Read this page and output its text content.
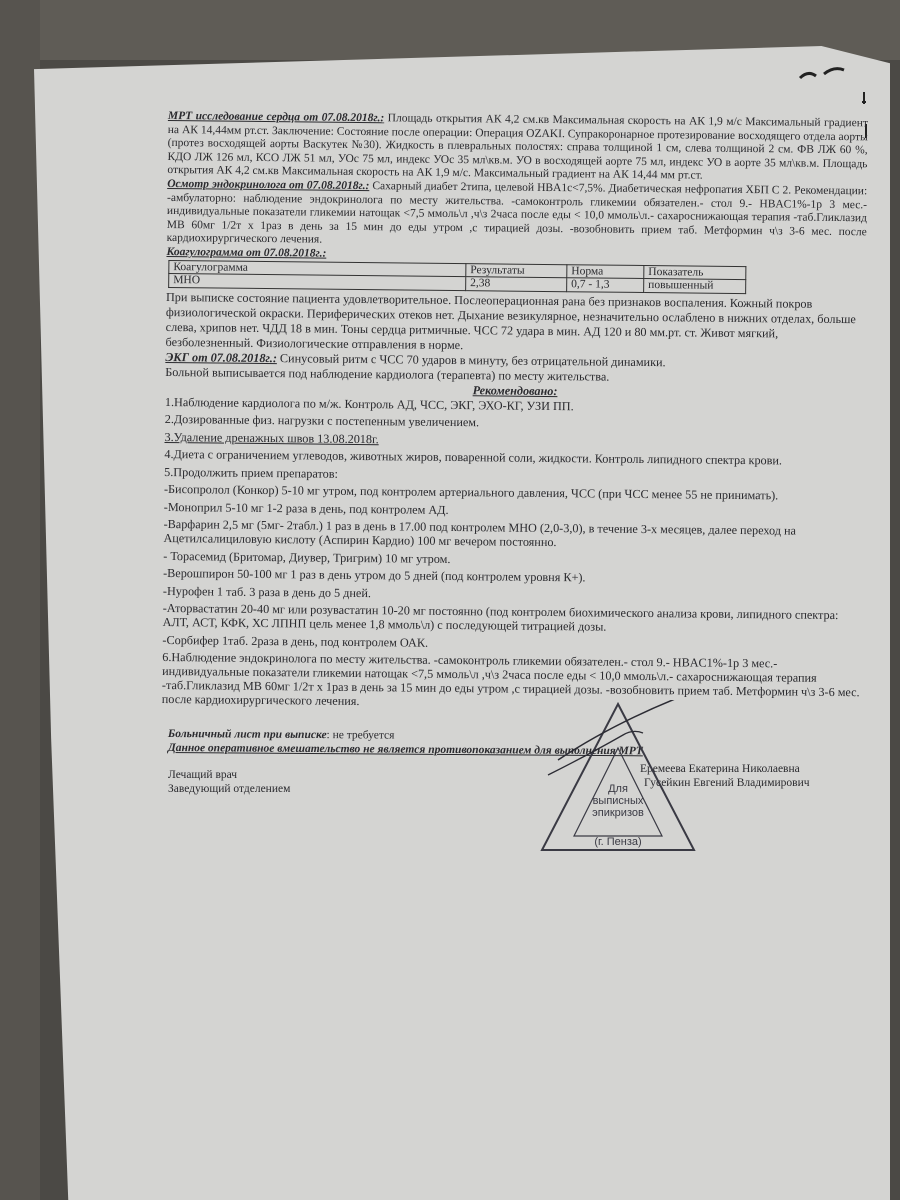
МРТ исследование сердца от 07.08.2018г.: Площадь открытия АК 4,2 см.кв Максимальная скорость на АК 1,9 м/с Максимальный градиент на АК 14,44мм рт.ст. Заключение: Состояние после операции: Операция OZAKI. Супракоронарное протезирование восходящего отдела аорты (протез восходящей аорты Васкутек №30). Жидкость в плевральных полостях: справа толщиной 1 см, слева толщиной 2 см. ФВ ЛЖ 60 %, КДО ЛЖ 126 мл, КСО ЛЖ 51 мл, УОс 75 мл, индекс УОс 35 мл\кв.м. УО в восходящей аорте 75 мл, индекс УО в аорте 35 мл\кв.м. Площадь открытия АК 4,2 см.кв Максимальная скорость на АК 1,9 м/с. Максимальный градиент на АК 14,44 мм рт.ст.

Осмотр эндокринолога от 07.08.2018г.: Сахарный диабет 2типа, целевой HBA1c<7,5%. Диабетическая нефропатия ХБП С 2. Рекомендации: -амбулаторно: наблюдение эндокринолога по месту жительства. -самоконтроль гликемии обязателен.- стол 9.- HBAC1%-1р 3 мес.-индивидуальные показатели гликемии натощак <7,5 ммоль\л ,ч\з 2часа после еды < 10,0 ммоль\л.- сахароснижающая терапия -таб.Гликлазид МВ 60мг 1/2т х 1раз в день за 15 мин до еды утром ,с тирацией дозы. -возобновить прием таб. Метформин ч\з 3-6 мес. после кардиохирургического лечения.

Коагулограмма от 07.08.2018г.:

Коагулограмма	Результаты	Норма	Показатель
МНО	2,38	0,7 - 1,3	повышенный

При выписке состояние пациента удовлетворительное. Послеоперационная рана без признаков воспаления. Кожный покров физиологической окраски. Периферических отеков нет. Дыхание везикулярное, незначительно ослаблено в нижних отделах, больше слева, хрипов нет. ЧДД 18 в мин. Тоны сердца ритмичные. ЧСС 72 удара в мин. АД 120 и 80 мм.рт. ст. Живот мягкий, безболезненный. Физиологические отправления в норме.

ЭКГ от 07.08.2018г.: Синусовый ритм с ЧСС 70 ударов в минуту, без отрицательной динамики.

Больной выписывается под наблюдение кардиолога (терапевта) по месту жительства.

Рекомендовано:

1.Наблюдение кардиолога по м/ж. Контроль АД, ЧСС, ЭКГ, ЭХО-КГ, УЗИ ПП.

2.Дозированные физ. нагрузки с постепенным увеличением.

3.Удаление дренажных швов 13.08.2018г.

4.Диета с ограничением углеводов, животных жиров, поваренной соли, жидкости. Контроль липидного спектра крови.

5.Продолжить прием препаратов:

-Бисопролол (Конкор) 5-10 мг утром, под контролем артериального давления, ЧСС (при ЧСС менее 55 не принимать).

-Моноприл 5-10 мг 1-2 раза в день, под контролем АД.

-Варфарин 2,5 мг (5мг- 2табл.) 1 раз в день в 17.00 под контролем МНО (2,0-3,0), в течение 3-х месяцев, далее переход на Ацетилсалициловую кислоту (Аспирин Кардио) 100 мг вечером постоянно.

- Торасемид (Бритомар, Диувер, Тригрим) 10 мг утром.

-Верошпирон 50-100 мг 1 раз в день утром до 5 дней (под контролем уровня К+).

-Нурофен 1 таб. 3 раза в день до 5 дней.

-Аторвастатин 20-40 мг или розувастатин 10-20 мг постоянно (под контролем биохимического анализа крови, липидного спектра: АЛТ, АСТ, КФК, ХС ЛПНП цель менее 1,8 ммоль\л) с последующей титрацией дозы.

-Сорбифер 1таб. 2раза в день, под контролем ОАК.

6.Наблюдение эндокринолога по месту жительства. -самоконтроль гликемии обязателен.- стол 9.- HBAC1%-1р 3 мес.-индивидуальные показатели гликемии натощак <7,5 ммоль\л ,ч\з 2часа после еды < 10,0 ммоль\л.- сахароснижающая терапия -таб.Гликлазид МВ 60мг 1/2т х 1раз в день за 15 мин до еды утром ,с тирацией дозы. -возобновить прием таб. Метформин ч\з 3-6 мес. после кардиохирургического лечения.

Больничный лист при выписке: не требуется

Данное оперативное вмешательство не является противопоказанием для выполнения МРТ

Лечащий врач
Заведующий отделением
Еремеева Екатерина Николаевна
Гусейкин Евгений Владимирович
Для
выписных
эпикризов
(г. Пенза)
